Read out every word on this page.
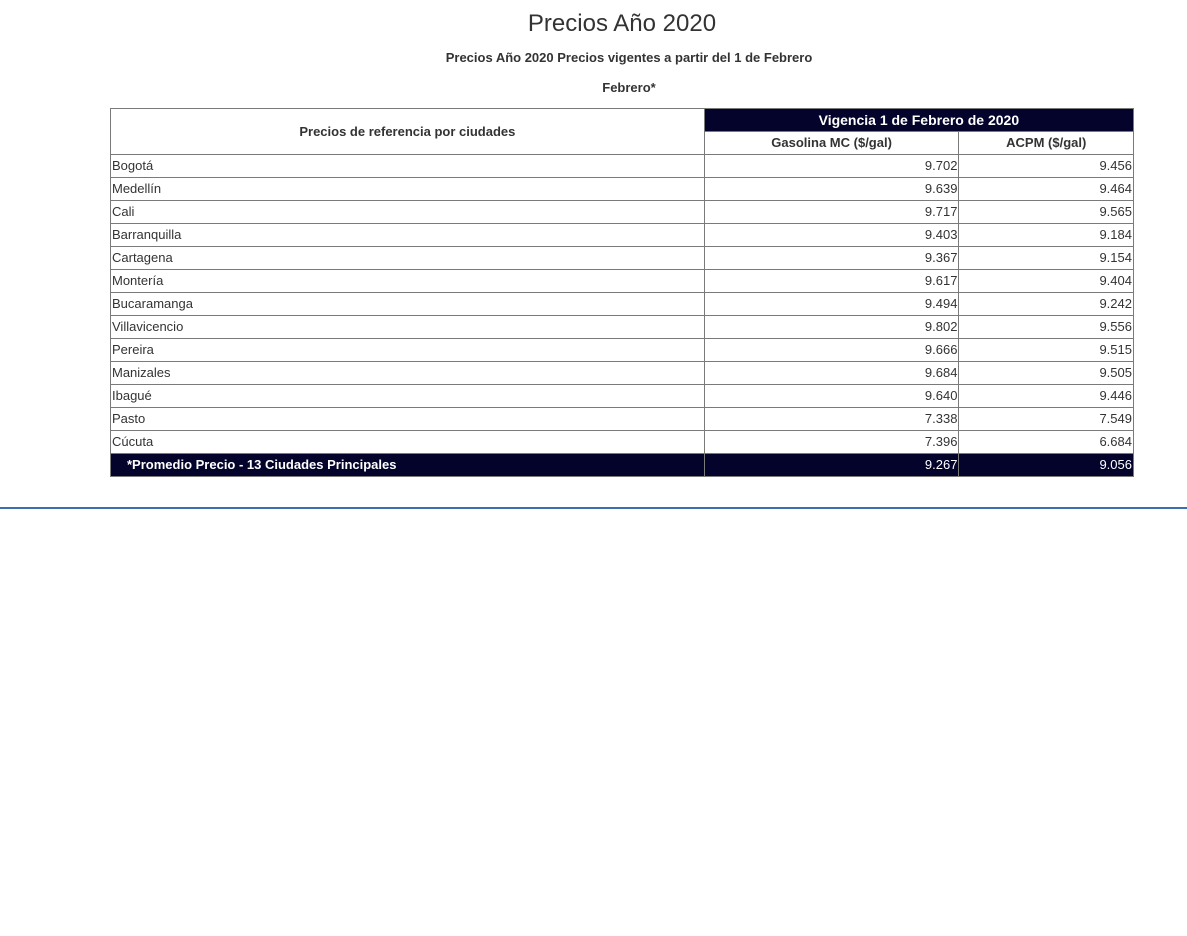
Precios Año 2020
Precios Año 2020 Precios vigentes a partir del 1 de Febrero
Febrero*
Precios de referencia por ciudades	Vigencia 1 de Febrero de 2020	
	Gasolina MC ($/gal)	ACPM ($/gal)
Bogotá	9.702	9.456
Medellín	9.639	9.464
Cali	9.717	9.565
Barranquilla	9.403	9.184
Cartagena	9.367	9.154
Montería	9.617	9.404
Bucaramanga	9.494	9.242
Villavicencio	9.802	9.556
Pereira	9.666	9.515
Manizales	9.684	9.505
Ibagué	9.640	9.446
Pasto	7.338	7.549
Cúcuta	7.396	6.684
*Promedio Precio - 13 Ciudades Principales	9.267	9.056
